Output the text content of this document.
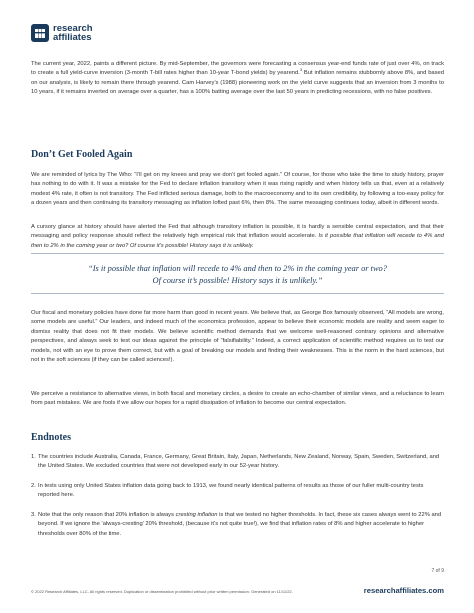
research
affiliates

The current year, 2022, paints a different picture. By mid-September, the governors were forecasting a consensus year-end funds rate of just over 4%, on track to create a full yield-curve inversion (3-month T-bill rates higher than 10-year T-bond yields) by yearend.$^3$ But inflation remains stubbornly above 8%, and based on our analysis, is likely to remain there through yearend. Cam Harvey’s (1988) pioneering work on the yield curve suggests that an inversion from 3 months to 10 years, if it remains inverted on average over a quarter, has a 100% batting average over the last 50 years in predicting recessions, with no false positives.

Don’t Get Fooled Again

We are reminded of lyrics by The Who: “I’ll get on my knees and pray we don’t get fooled again.” Of course, for those who take the time to study history, prayer has nothing to do with it. It was a mistake for the Fed to declare inflation transitory when it was rising rapidly and when history tells us that, even at a relatively modest 4% rate, it often is not transitory. The Fed inflicted serious damage, both to the macroeconomy and to its own credibility, by following a too-easy policy for a dozen years and then continuing its transitory messaging as inflation lofted past 6%, then 8%. The same messaging continues today, albeit in different words.

A cursory glance at history should have alerted the Fed that although transitory inflation is possible, it is hardly a sensible central expectation, and that their messaging and policy response should reflect the relatively high empirical risk that inflation would accelerate. Is it possible that inflation will recede to 4% and then to 2% in the coming year or two? Of course it’s possible! History says it is unlikely.

“Is it possible that inflation will recede to 4% and then to 2% in the coming year or two?
Of course it’s possible! History says it is unlikely.”

Our fiscal and monetary policies have done far more harm than good in recent years. We believe that, as George Box famously observed, “All models are wrong, some models are useful.” Our leaders, and indeed much of the economics profession, appear to believe their economic models are reality and seem eager to dismiss reality that does not fit their models. We believe scientific method demands that we welcome well-reasoned contrary opinions and alternative perspectives, and always seek to test our ideas against the principle of “falsifiability.” Indeed, a correct application of scientific method requires us to test our models, not with an eye to prove them correct, but with a goal of breaking our models and finding their weaknesses. This is the norm in the hard sciences, but not in the soft sciences (if they can be called sciences!).

We perceive a resistance to alternative views, in both fiscal and monetary circles, a desire to create an echo-chamber of similar views, and a reluctance to learn from past mistakes. We are fools if we allow our hopes for a rapid dissipation of inflation to become our central expectation.

Endnotes
1. The countries include Australia, Canada, France, Germany, Great Britain, Italy, Japan, Netherlands, New Zealand, Norway, Spain, Sweden, Switzerland, and the United States. We excluded countries that were not developed early in our 52-year history.
2. In tests using only United States inflation data going back to 1913, we found nearly identical patterns of results as those of our fuller multi-country tests reported here.
3. Note that the only reason that 20% inflation is always cresting inflation is that we tested no higher thresholds. In fact, these six cases always went to 22% and beyond. If we ignore the ‘always-cresting’ 20% threshold, (because it’s not quite true!), we find that inflation rates of 8% and higher accelerate to higher thresholds over 80% of the time.
7 of 9
© 2022 Research Affiliates, LLC. All rights reserved. Duplication or dissemination prohibited without prior written permission. Generated on 11/11/22.	researchaffiliates.com
